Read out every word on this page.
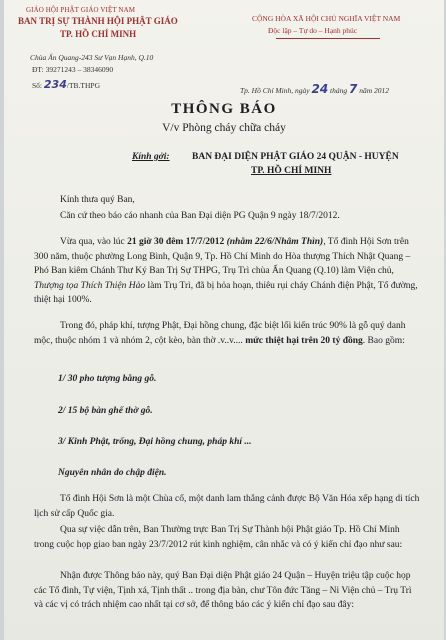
GIÁO HỘI PHẬT GIÁO VIỆT NAM
BAN TRỊ SỰ THÀNH HỘI PHẬT GIÁO
TP. HỒ CHÍ MINH
Chùa Ấn Quang-243 Sư Vạn Hạnh, Q.10
ĐT: 39271243 – 38346090
Số: 234/TB.THPG
CỘNG HÒA XÃ HỘI CHỦ NGHĨA VIỆT NAM
Độc lập – Tự do – Hạnh phúc
Tp. Hồ Chí Minh, ngày 24 tháng 7 năm 2012
THÔNG BÁO
V/v Phòng cháy chữa cháy
Kính gởi: BAN ĐẠI DIỆN PHẬT GIÁO 24 QUẬN - HUYỆN
TP. HỒ CHÍ MINH

Kính thưa quý Ban,

Căn cứ theo báo cáo nhanh của Ban Đại diện PG Quận 9 ngày 18/7/2012.

Vừa qua, vào lúc 21 giờ 30 đêm 17/7/2012 (nhằm 22/6/Nhâm Thìn), Tổ đình Hội Sơn trên 300 năm, thuộc phường Long Bình, Quận 9, Tp. Hồ Chí Minh do Hòa thượng Thích Nhật Quang – Phó Ban kiêm Chánh Thư Ký Ban Trị Sự THPG, Trụ Trì chùa Ấn Quang (Q.10) làm Viện chủ, Thượng tọa Thích Thiện Hảo làm Trụ Trì, đã bị hỏa hoạn, thiêu rụi cháy Chánh điện Phật, Tổ đường, thiệt hại 100%.

Trong đó, pháp khí, tượng Phật, Đại hồng chung, đặc biệt lối kiến trúc 90% là gỗ quý danh mộc, thuộc nhóm 1 và nhóm 2, cột kèo, bàn thờ .v..v.... mức thiệt hại trên 20 tỷ đồng. Bao gồm:

1/ 30 pho tượng bằng gỗ.
2/ 15 bộ bàn ghế thờ gỗ.
3/ Kinh Phật, trống, Đại hồng chung, pháp khí ...
Nguyên nhân do chập điện.

Tổ đình Hội Sơn là một Chùa cổ, một danh lam thắng cảnh được Bộ Văn Hóa xếp hạng di tích lịch sử cấp Quốc gia.

Qua sự việc dẫn trên, Ban Thường trực Ban Trị Sự Thành hội Phật giáo Tp. Hồ Chí Minh trong cuộc họp giao ban ngày 23/7/2012 rút kinh nghiệm, cân nhắc và có ý kiến chỉ đạo như sau:

Nhận được Thông báo này, quý Ban Đại diện Phật giáo 24 Quận – Huyện triệu tập cuộc họp các Tổ đình, Tự viện, Tịnh xá, Tịnh thất .. trong địa bàn, chư Tôn đức Tăng – Ni Viện chủ – Trụ Trì và các vị có trách nhiệm cao nhất tại cơ sở, để thông báo các ý kiến chỉ đạo sau đây:
